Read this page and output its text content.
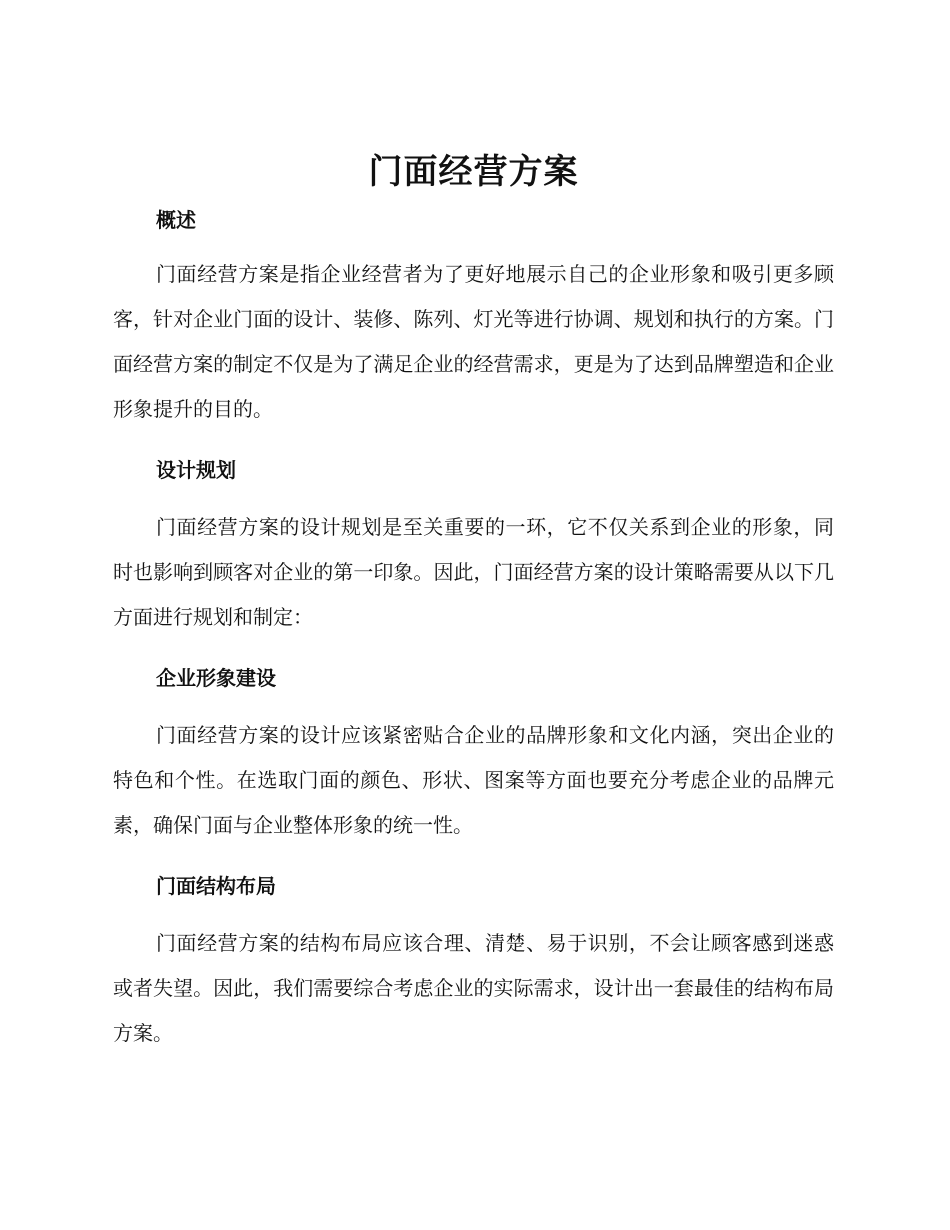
门面经营方案
概述

门面经营方案是指企业经营者为了更好地展示自己的企业形象和吸引更多顾客，针对企业门面的设计、装修、陈列、灯光等进行协调、规划和执行的方案。门面经营方案的制定不仅是为了满足企业的经营需求，更是为了达到品牌塑造和企业形象提升的目的。

设计规划

门面经营方案的设计规划是至关重要的一环，它不仅关系到企业的形象，同时也影响到顾客对企业的第一印象。因此，门面经营方案的设计策略需要从以下几方面进行规划和制定：

企业形象建设

门面经营方案的设计应该紧密贴合企业的品牌形象和文化内涵，突出企业的特色和个性。在选取门面的颜色、形状、图案等方面也要充分考虑企业的品牌元素，确保门面与企业整体形象的统一性。

门面结构布局

门面经营方案的结构布局应该合理、清楚、易于识别，不会让顾客感到迷惑或者失望。因此，我们需要综合考虑企业的实际需求，设计出一套最佳的结构布局方案。
